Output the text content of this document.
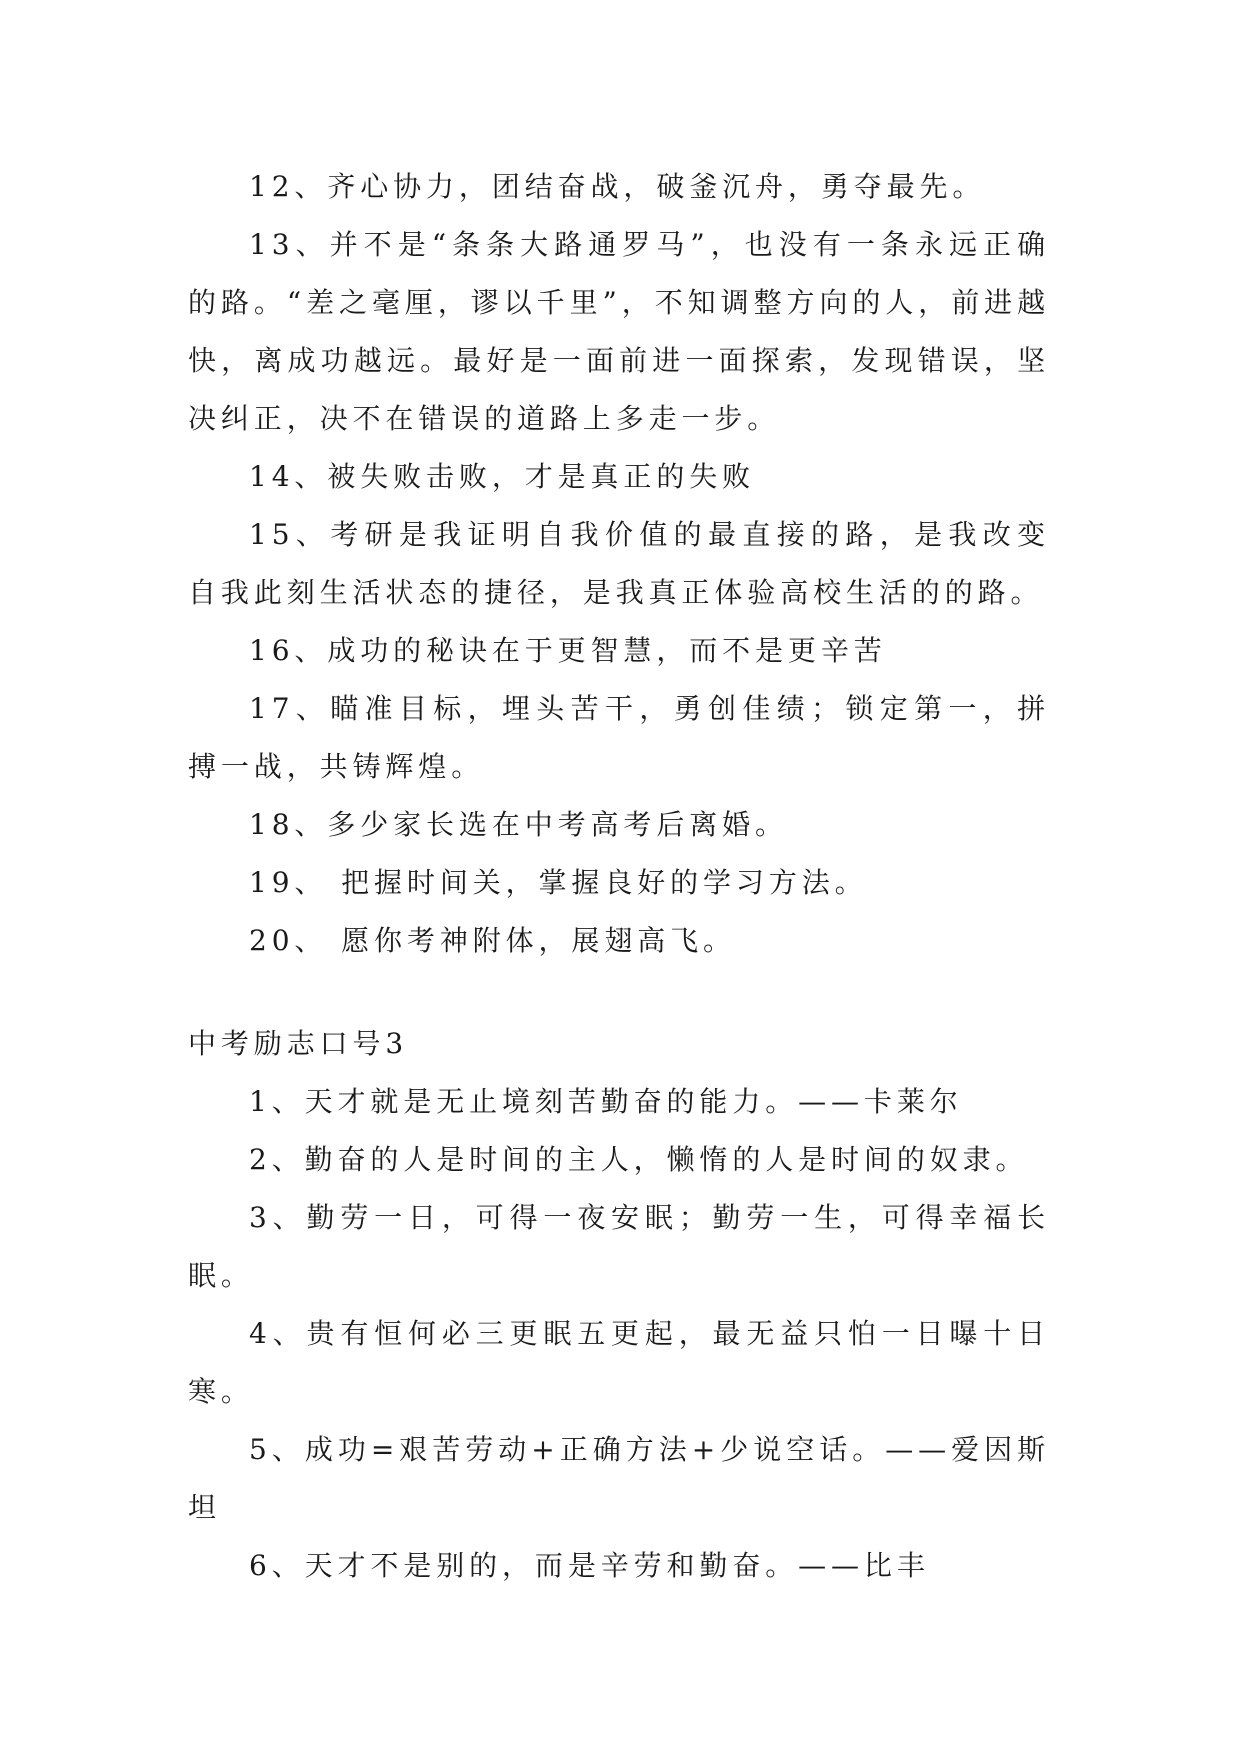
12、齐心协力，团结奋战，破釜沉舟，勇夺最先。

13、并不是“条条大路通罗马”，也没有一条永远正确的路。“差之毫厘，谬以千里”，不知调整方向的人，前进越快，离成功越远。最好是一面前进一面探索，发现错误，坚决纠正，决不在错误的道路上多走一步。

14、被失败击败，才是真正的失败

15、考研是我证明自我价值的最直接的路，是我改变自我此刻生活状态的捷径，是我真正体验高校生活的的路。

16、成功的秘诀在于更智慧，而不是更辛苦

17、瞄准目标，埋头苦干，勇创佳绩；锁定第一，拼搏一战，共铸辉煌。

18、多少家长选在中考高考后离婚。

19、 把握时间关，掌握良好的学习方法。

20、 愿你考神附体，展翅高飞。

中考励志口号3

1、天才就是无止境刻苦勤奋的能力。——卡莱尔

2、勤奋的人是时间的主人，懒惰的人是时间的奴隶。

3、勤劳一日，可得一夜安眠；勤劳一生，可得幸福长眠。

4、贵有恒何必三更眠五更起，最无益只怕一日曝十日寒。

5、成功=艰苦劳动+正确方法+少说空话。——爱因斯坦

6、天才不是别的，而是辛劳和勤奋。——比丰
